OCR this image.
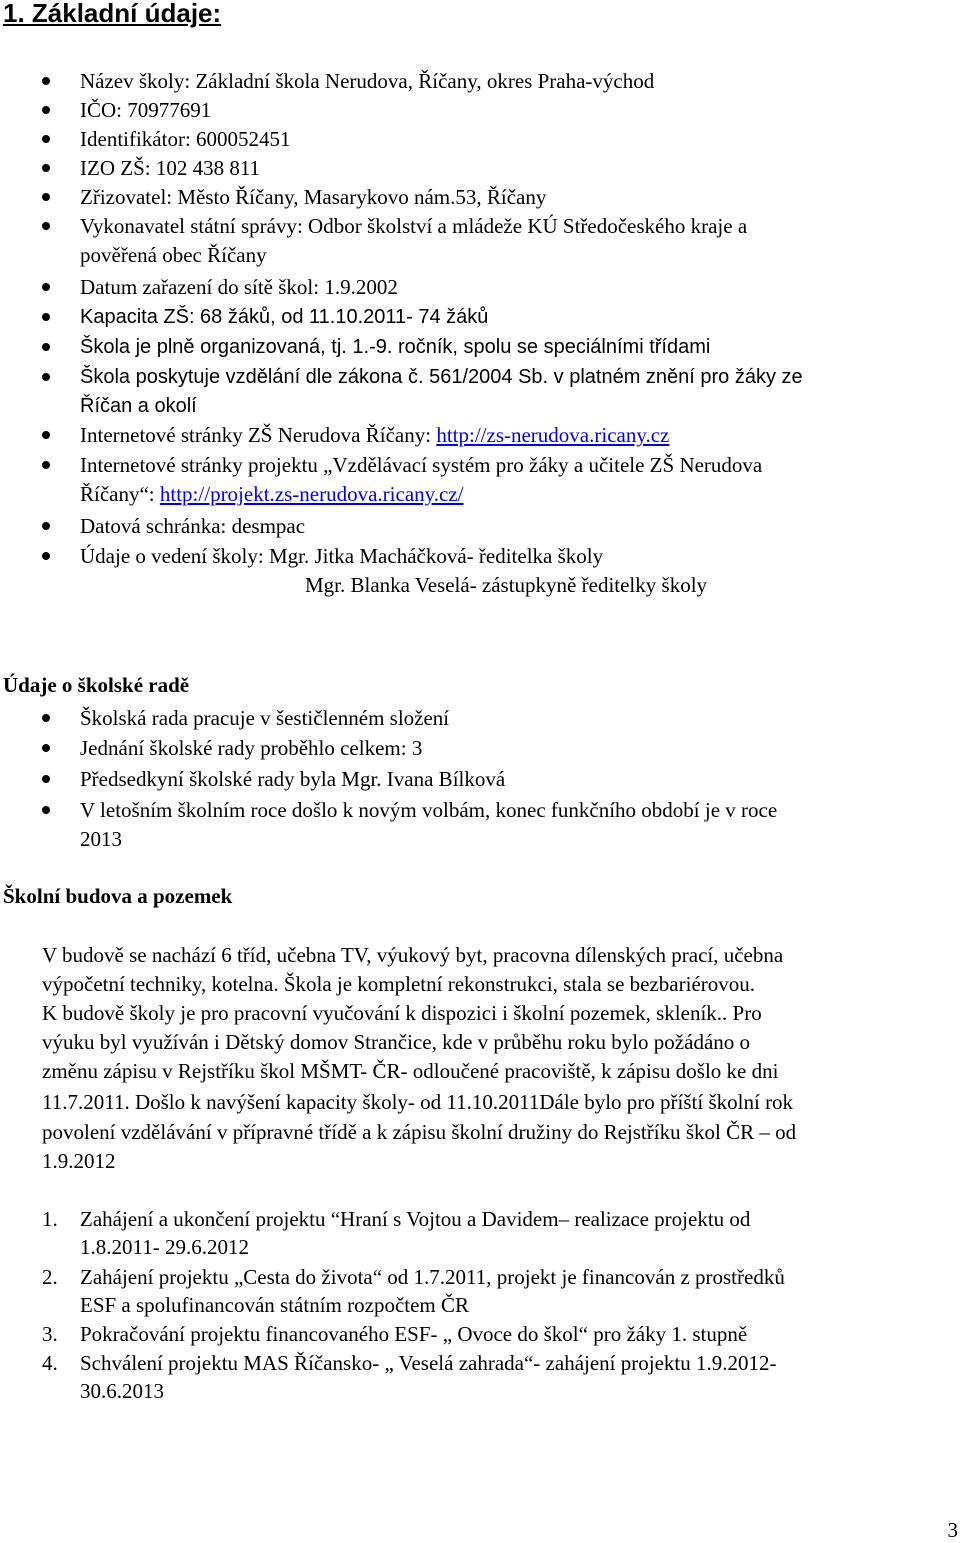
1. Základní údaje:
Název školy: Základní škola Nerudova, Říčany, okres Praha-východ
IČO: 70977691
Identifikátor: 600052451
IZO ZŠ: 102 438 811
Zřizovatel: Město Říčany, Masarykovo nám.53, Říčany
Vykonavatel státní správy: Odbor školství a mládeže KÚ Středočeského kraje a
pověřená obec Říčany
Datum zařazení do sítě škol: 1.9.2002
Kapacita ZŠ: 68 žáků, od 11.10.2011- 74 žáků
Škola je plně organizovaná, tj. 1.-9. ročník, spolu se speciálními třídami
Škola poskytuje vzdělání dle zákona č. 561/2004 Sb. v platném znění pro žáky ze
Říčan a okolí
Internetové stránky ZŠ Nerudova Říčany: http://zs-nerudova.ricany.cz
Internetové stránky projektu „Vzdělávací systém pro žáky a učitele ZŠ Nerudova
Říčany“: http://projekt.zs-nerudova.ricany.cz/
Datová schránka: desmpac
Údaje o vedení školy: Mgr. Jitka Macháčková- ředitelka školy
Mgr. Blanka Veselá- zástupkyně ředitelky školy
Údaje o školské radě
Školská rada pracuje v šestičlenném složení
Jednání školské rady proběhlo celkem: 3
Předsedkyní školské rady byla Mgr. Ivana Bílková
V letošním školním roce došlo k novým volbám, konec funkčního období je v roce
2013
Školní budova a pozemek
V budově se nachází 6 tříd, učebna TV, výukový byt, pracovna dílenských prací, učebna
výpočetní techniky, kotelna. Škola je kompletní rekonstrukci, stala se bezbariérovou.
K budově školy je pro pracovní vyučování k dispozici i školní pozemek, skleník.. Pro
výuku byl využíván i Dětský domov Strančice, kde v průběhu roku bylo požádáno o
změnu zápisu v Rejstříku škol MŠMT- ČR- odloučené pracoviště, k zápisu došlo ke dni
11.7.2011. Došlo k navýšení kapacity školy- od 11.10.2011Dále bylo pro příští školní rok
povolení vzdělávání v přípravné třídě a k zápisu školní družiny do Rejstříku škol ČR – od
1.9.2012
1. Zahájení a ukončení projektu “Hraní s Vojtou a Davidem– realizace projektu od
1.8.2011- 29.6.2012
2. Zahájení projektu „Cesta do života“ od 1.7.2011, projekt je financován z prostředků
ESF a spolufinancován státním rozpočtem ČR
3. Pokračování projektu financovaného ESF- „ Ovoce do škol“ pro žáky 1. stupně
4. Schválení projektu MAS Říčansko- „ Veselá zahrada“- zahájení projektu 1.9.2012-
30.6.2013
3
